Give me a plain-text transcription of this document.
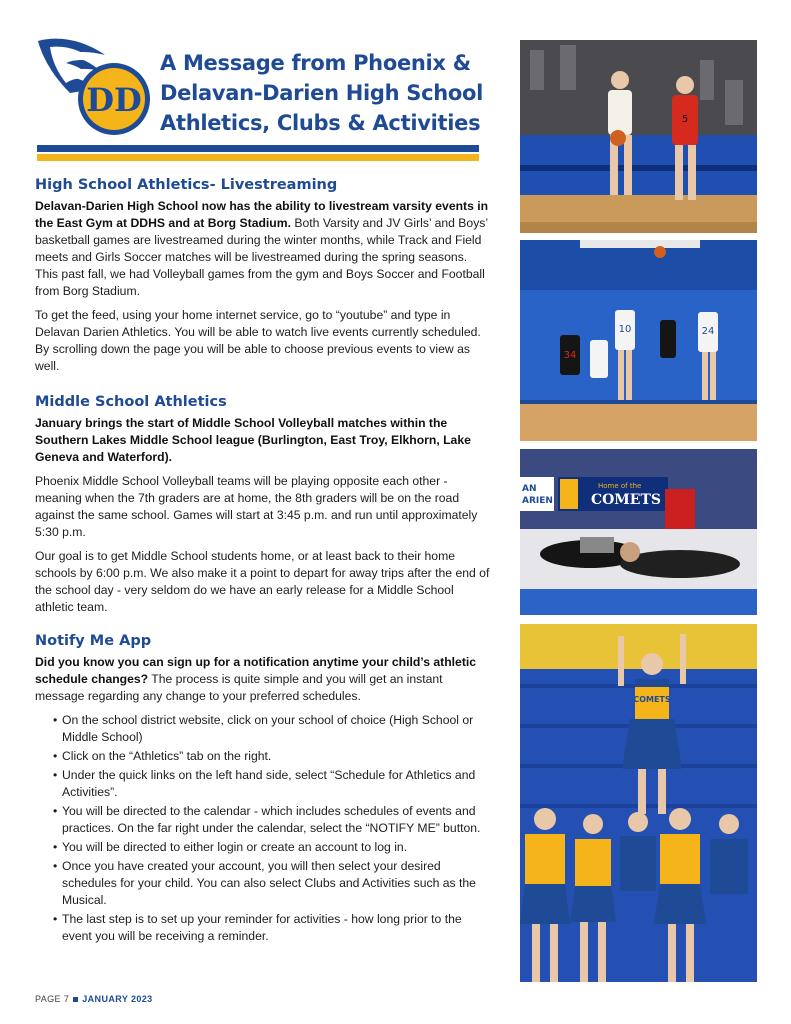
DD
A Message from Phoenix &
Delavan-Darien High School
Athletics, Clubs & Activities
High School Athletics- Livestreaming

Delavan-Darien High School now has the ability to livestream varsity events in the East Gym at DDHS and at Borg Stadium. Both Varsity and JV Girls’ and Boys’ basketball games are livestreamed during the winter months, while Track and Field meets and Girls Soccer matches will be livestreamed during the spring seasons. This past fall, we had Volleyball games from the gym and Boys Soccer and Football from Borg Stadium.

To get the feed, using your home internet service, go to “youtube” and type in Delavan Darien Athletics. You will be able to watch live events currently scheduled. By scrolling down the page you will be able to choose previous events to view as well.

Middle School Athletics

January brings the start of Middle School Volleyball matches within the Southern Lakes Middle School league (Burlington, East Troy, Elkhorn, Lake Geneva and Waterford).

Phoenix Middle School Volleyball teams will be playing opposite each other - meaning when the 7th graders are at home, the 8th graders will be on the road against the same school. Games will start at 3:45 p.m. and run until approximately 5:30 p.m.

Our goal is to get Middle School students home, or at least back to their home schools by 6:00 p.m. We also make it a point to depart for away trips after the end of the school day - very seldom do we have an early release for a Middle School athletic team.

Notify Me App

Did you know you can sign up for a notification anytime your child’s athletic schedule changes? The process is quite simple and you will get an instant message regarding any change to your preferred schedules.

• On the school district website, click on your school of choice (High School or Middle School)
• Click on the “Athletics” tab on the right.
• Under the quick links on the left hand side, select “Schedule for Athletics and Activities”.
• You will be directed to the calendar - which includes schedules of events and practices. On the far right under the calendar, select the “NOTIFY ME” button.
• You will be directed to either login or create an account to log in.
• Once you have created your account, you will then select your desired schedules for your child. You can also select Clubs and Activities such as the Musical.
• The last step is to set up your reminder for activities - how long prior to the event you will be receiving a reminder.
5
10	24
34
AN
ARIEN
Home of the
COMETS
COMETS
PAGE 7 JANUARY 2023
